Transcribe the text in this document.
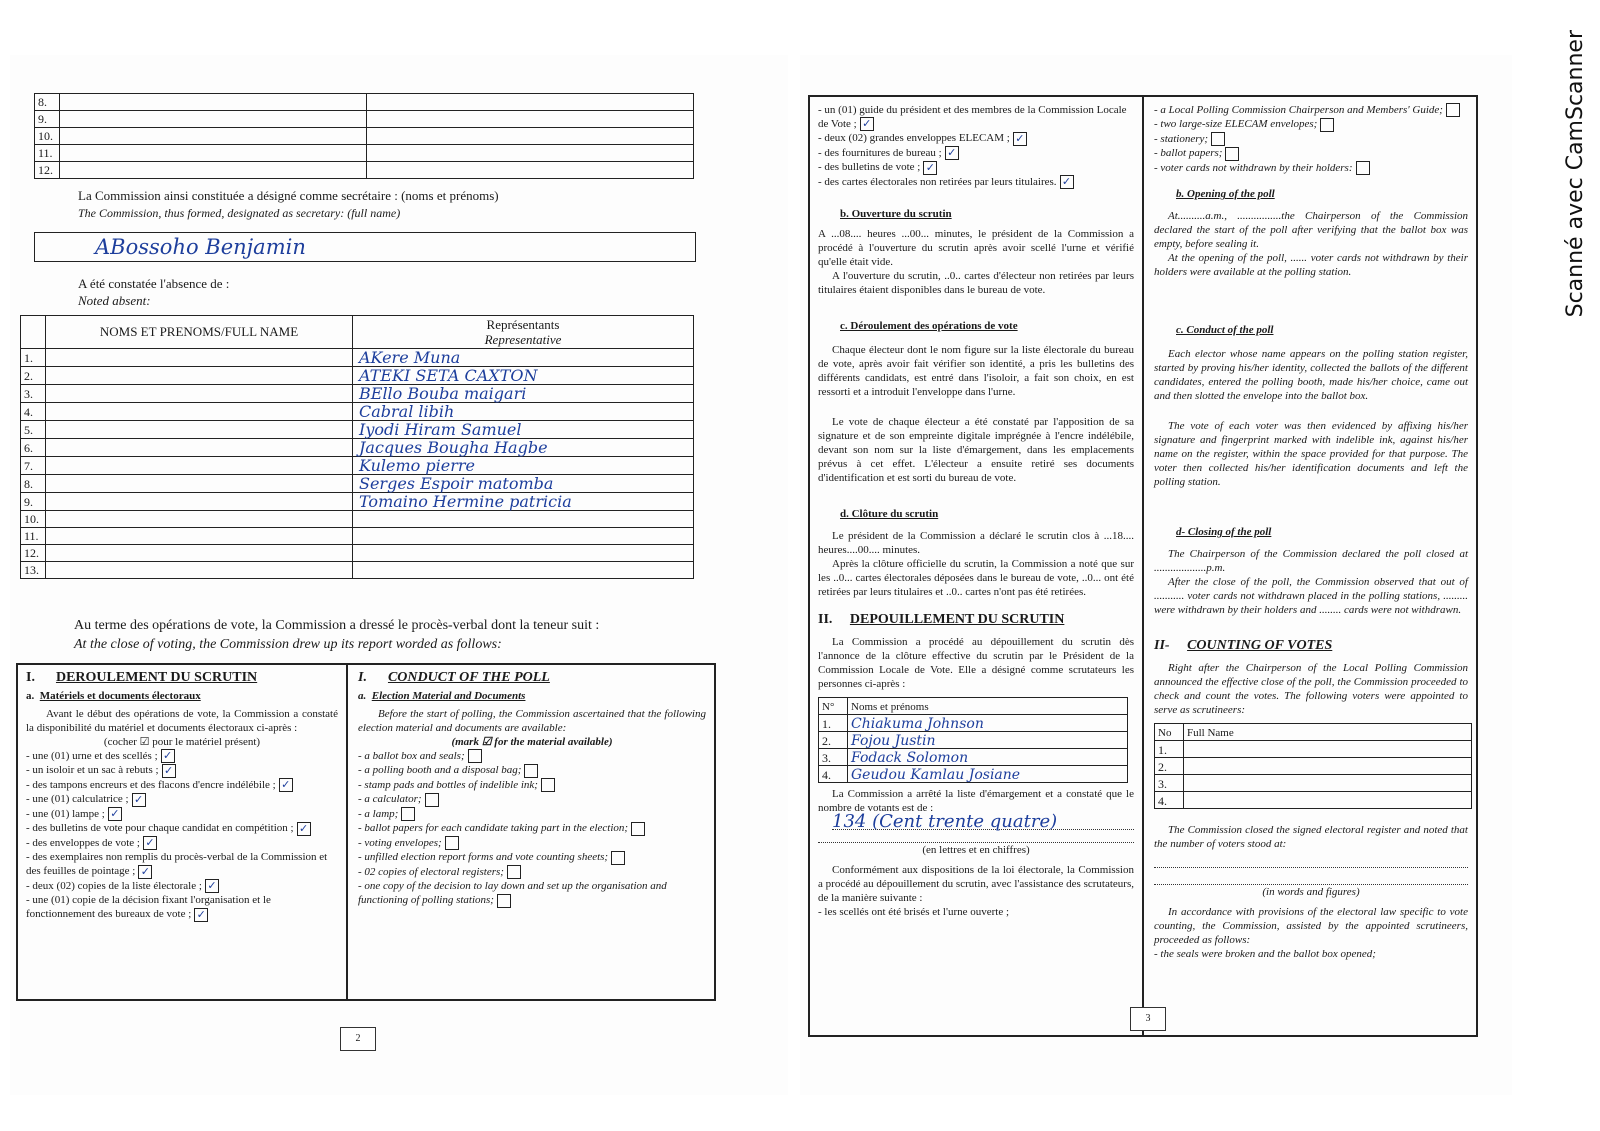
8.		
9.		
10.		
11.		
12.		
La Commission ainsi constituée a désigné comme secrétaire : (noms et prénoms)
The Commission, thus formed, designated as secretary: (full name)
ABossoho Benjamin
A été constatée l'absence de :
Noted absent:
	NOMS ET PRENOMS/FULL NAME	Représentants
Representative

1.		AKere Muna
2.		ATEKI SETA CAXTON
3.		BEllo Bouba maigari
4.		Cabral libih
5.		Iyodi Hiram Samuel
6.		Jacques Bougha Hagbe
7.		Kulemo pierre
8.		Serges Espoir matomba
9.		Tomaino Hermine patricia
10.		
11.		
12.		
13.		
Au terme des opérations de vote, la Commission a dressé le procès-verbal dont la teneur suit :
At the close of voting, the Commission drew up its report worded as follows:
I. DEROULEMENT DU SCRUTIN
a. Matériels et documents électoraux
Avant le début des opérations de vote, la Commission a constaté la disponibilité du matériel et documents électoraux ci-après :
(cocher ☑ pour le matériel présent)
- une (01) urne et des scellés ; ✓
- un isoloir et un sac à rebuts ; ✓
- des tampons encreurs et des flacons d'encre indélébile ; ✓
- une (01) calculatrice ; ✓
- une (01) lampe ; ✓
- des bulletins de vote pour chaque candidat en compétition ; ✓
- des enveloppes de vote ; ✓
- des exemplaires non remplis du procès-verbal de la Commission et des feuilles de pointage ; ✓
- deux (02) copies de la liste électorale ; ✓
- une (01) copie de la décision fixant l'organisation et le fonctionnement des bureaux de vote ; ✓
I. CONDUCT OF THE POLL
a. Election Material and Documents
Before the start of polling, the Commission ascertained that the following election material and documents are available:
(mark ☑ for the material available)
- a ballot box and seals;
- a polling booth and a disposal bag;
- stamp pads and bottles of indelible ink;
- a calculator;
- a lamp;
- ballot papers for each candidate taking part in the election;
- voting envelopes;
- unfilled election report forms and vote counting sheets;
- 02 copies of electoral registers;
- one copy of the decision to lay down and set up the organisation and functioning of polling stations;
2
- un (01) guide du président et des membres de la Commission Locale de Vote ; ✓
- deux (02) grandes enveloppes ELECAM ; ✓
- des fournitures de bureau ; ✓
- des bulletins de vote ; ✓
- des cartes électorales non retirées par leurs titulaires. ✓
b. Ouverture du scrutin
A ...08.... heures ...00... minutes, le président de la Commission a procédé à l'ouverture du scrutin après avoir scellé l'urne et vérifié qu'elle était vide.
A l'ouverture du scrutin, ..0.. cartes d'électeur non retirées par leurs titulaires étaient disponibles dans le bureau de vote.
c. Déroulement des opérations de vote
Chaque électeur dont le nom figure sur la liste électorale du bureau de vote, après avoir fait vérifier son identité, a pris les bulletins des différents candidats, est entré dans l'isoloir, a fait son choix, en est ressorti et a introduit l'enveloppe dans l'urne.
Le vote de chaque électeur a été constaté par l'apposition de sa signature et de son empreinte digitale imprégnée à l'encre indélébile, devant son nom sur la liste d'émargement, dans les emplacements prévus à cet effet. L'électeur a ensuite retiré ses documents d'identification et est sorti du bureau de vote.
d. Clôture du scrutin
Le président de la Commission a déclaré le scrutin clos à ...18.... heures....00.... minutes.
Après la clôture officielle du scrutin, la Commission a noté que sur les ..0... cartes électorales déposées dans le bureau de vote, ..0... ont été retirées par leurs titulaires et ..0.. cartes n'ont pas été retirées.
II. DEPOUILLEMENT DU SCRUTIN
La Commission a procédé au dépouillement du scrutin dès l'annonce de la clôture effective du scrutin par le Président de la Commission Locale de Vote. Elle a désigné comme scrutateurs les personnes ci-après :
N°	Noms et prénoms
1.	Chiakuma Johnson
2.	Fojou Justin
3.	Fodack Solomon
4.	Geudou Kamlau Josiane
La Commission a arrêté la liste d'émargement et a constaté que le nombre de votants est de :
134 (Cent trente quatre)
(en lettres et en chiffres)
Conformément aux dispositions de la loi électorale, la Commission a procédé au dépouillement du scrutin, avec l'assistance des scrutateurs, de la manière suivante :
- les scellés ont été brisés et l'urne ouverte ;
- a Local Polling Commission Chairperson and Members' Guide;
- two large-size ELECAM envelopes;
- stationery;
- ballot papers;
- voter cards not withdrawn by their holders:
b. Opening of the poll
At..........a.m., ................the Chairperson of the Commission declared the start of the poll after verifying that the ballot box was empty, before sealing it.
At the opening of the poll, ...... voter cards not withdrawn by their holders were available at the polling station.
c. Conduct of the poll
Each elector whose name appears on the polling station register, started by proving his/her identity, collected the ballots of the different candidates, entered the polling booth, made his/her choice, came out and then slotted the envelope into the ballot box.
The vote of each voter was then evidenced by affixing his/her signature and fingerprint marked with indelible ink, against his/her name on the register, within the space provided for that purpose. The voter then collected his/her identification documents and left the polling station.
d- Closing of the poll
The Chairperson of the Commission declared the poll closed at ...................p.m.
After the close of the poll, the Commission observed that out of ........... voter cards not withdrawn placed in the polling stations, ......... were withdrawn by their holders and ........ cards were not withdrawn.
II- COUNTING OF VOTES
Right after the Chairperson of the Local Polling Commission announced the effective close of the poll, the Commission proceeded to check and count the votes. The following voters were appointed to serve as scrutineers:
No	Full Name
1.	
2.	
3.	
4.	
The Commission closed the signed electoral register and noted that the number of voters stood at:
(in words and figures)
In accordance with provisions of the electoral law specific to vote counting, the Commission, assisted by the appointed scrutineers, proceeded as follows:
- the seals were broken and the ballot box opened;
3
Scanné avec CamScanner
